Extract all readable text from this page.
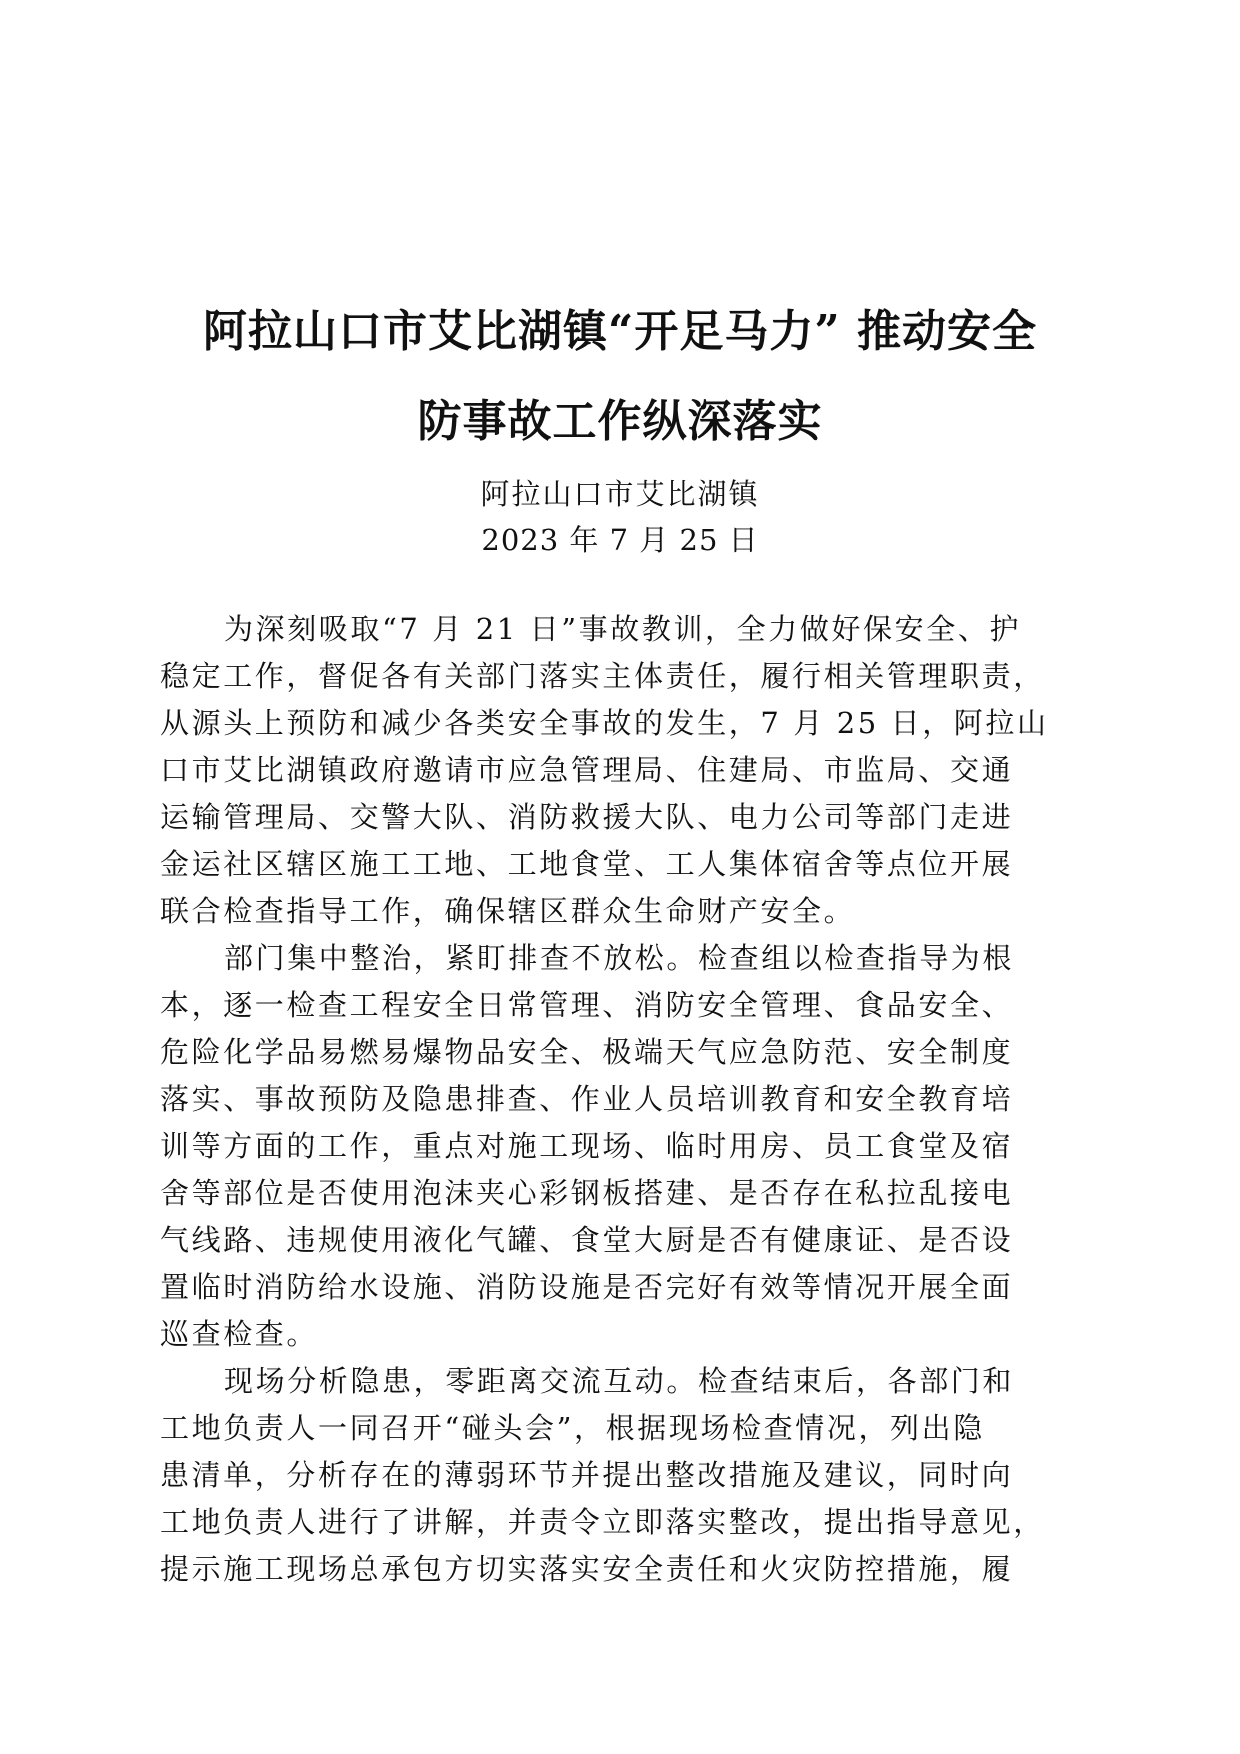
阿拉山口市艾比湖镇“开足马力” 推动安全
防事故工作纵深落实
阿拉山口市艾比湖镇
2023 年 7 月 25 日
为深刻吸取“7 月 21 日”事故教训，全力做好保安全、护
稳定工作，督促各有关部门落实主体责任，履行相关管理职责，
从源头上预防和减少各类安全事故的发生，7 月 25 日，阿拉山
口市艾比湖镇政府邀请市应急管理局、住建局、市监局、交通
运输管理局、交警大队、消防救援大队、电力公司等部门走进
金运社区辖区施工工地、工地食堂、工人集体宿舍等点位开展
联合检查指导工作，确保辖区群众生命财产安全。
部门集中整治，紧盯排查不放松。检查组以检查指导为根
本，逐一检查工程安全日常管理、消防安全管理、食品安全、
危险化学品易燃易爆物品安全、极端天气应急防范、安全制度
落实、事故预防及隐患排查、作业人员培训教育和安全教育培
训等方面的工作，重点对施工现场、临时用房、员工食堂及宿
舍等部位是否使用泡沫夹心彩钢板搭建、是否存在私拉乱接电
气线路、违规使用液化气罐、食堂大厨是否有健康证、是否设
置临时消防给水设施、消防设施是否完好有效等情况开展全面
巡查检查。
现场分析隐患，零距离交流互动。检查结束后，各部门和
工地负责人一同召开“碰头会”，根据现场检查情况，列出隐
患清单，分析存在的薄弱环节并提出整改措施及建议，同时向
工地负责人进行了讲解，并责令立即落实整改，提出指导意见，
提示施工现场总承包方切实落实安全责任和火灾防控措施，履
